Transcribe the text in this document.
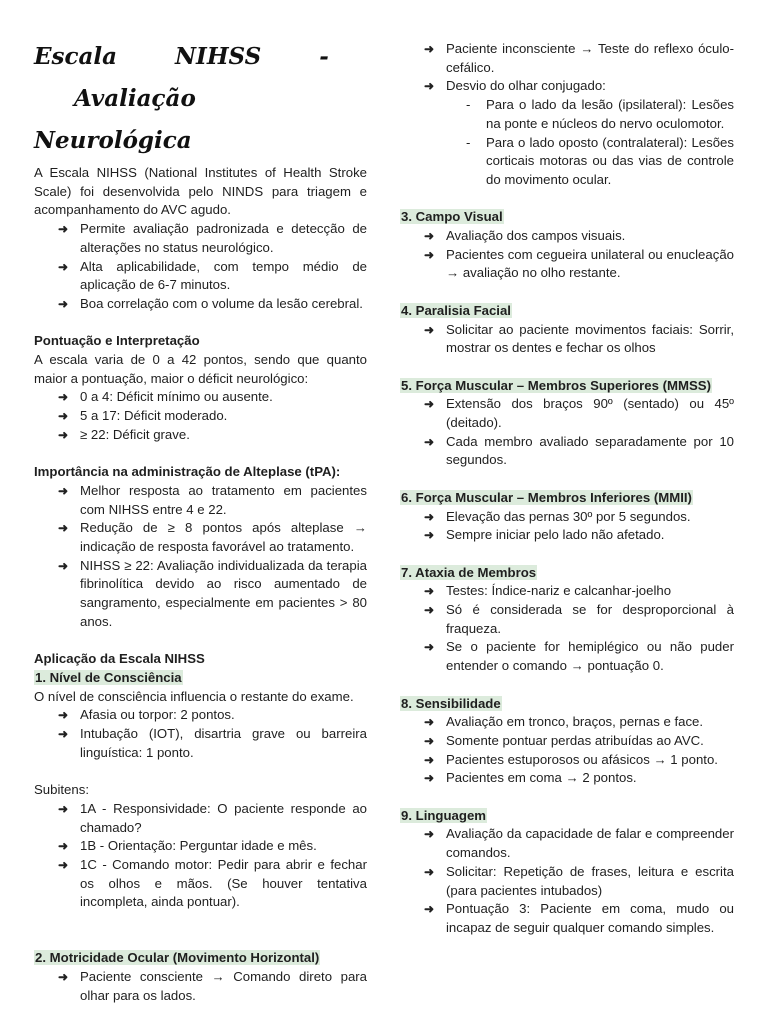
Escala	NIHSS	-Avaliação
Neurológica

A Escala NIHSS (National Institutes of Health Stroke Scale) foi desenvolvida pelo NINDS para triagem e acompanhamento do AVC agudo.

➜ Permite avaliação padronizada e detecção de alterações no status neurológico.
➜ Alta aplicabilidade, com tempo médio de aplicação de 6-7 minutos.
➜ Boa correlação com o volume da lesão cerebral.

Pontuação e Interpretação

A escala varia de 0 a 42 pontos, sendo que quanto maior a pontuação, maior o déficit neurológico:

➜ 0 a 4: Déficit mínimo ou ausente.
➜ 5 a 17: Déficit moderado.
➜ ≥ 22: Déficit grave.

Importância na administração de Alteplase (tPA):

➜ Melhor resposta ao tratamento em pacientes com NIHSS entre 4 e 22.
➜ Redução de ≥ 8 pontos após alteplase → indicação de resposta favorável ao tratamento.
➜ NIHSS ≥ 22: Avaliação individualizada da terapia fibrinolítica devido ao risco aumentado de sangramento, especialmente em pacientes > 80 anos.

Aplicação da Escala NIHSS

1. Nível de Consciência

O nível de consciência influencia o restante do exame.

➜ Afasia ou torpor: 2 pontos.
➜ Intubação (IOT), disartria grave ou barreira linguística: 1 ponto.

Subitens:

➜ 1A - Responsividade: O paciente responde ao chamado?
➜ 1B - Orientação: Perguntar idade e mês.
➜ 1C - Comando motor: Pedir para abrir e fechar os olhos e mãos. (Se houver tentativa incompleta, ainda pontuar).

2. Motricidade Ocular (Movimento Horizontal)

➜ Paciente consciente → Comando direto para olhar para os lados.
➜ Paciente inconsciente → Teste do reflexo óculo-cefálico.
➜ Desvio do olhar conjugado:
- Para o lado da lesão (ipsilateral): Lesões na ponte e núcleos do nervo oculomotor.
- Para o lado oposto (contralateral): Lesões corticais motoras ou das vias de controle do movimento ocular.

3. Campo Visual

➜ Avaliação dos campos visuais.
➜ Pacientes com cegueira unilateral ou enucleação → avaliação no olho restante.

4. Paralisia Facial

➜ Solicitar ao paciente movimentos faciais: Sorrir, mostrar os dentes e fechar os olhos

5. Força Muscular – Membros Superiores (MMSS)

➜ Extensão dos braços 90º (sentado) ou 45º (deitado).
➜ Cada membro avaliado separadamente por 10 segundos.

6. Força Muscular – Membros Inferiores (MMII)

➜ Elevação das pernas 30º por 5 segundos.
➜ Sempre iniciar pelo lado não afetado.

7. Ataxia de Membros

➜ Testes: Índice-nariz e calcanhar-joelho
➜ Só é considerada se for desproporcional à fraqueza.
➜ Se o paciente for hemiplégico ou não puder entender o comando → pontuação 0.

8. Sensibilidade

➜ Avaliação em tronco, braços, pernas e face.
➜ Somente pontuar perdas atribuídas ao AVC.
➜ Pacientes estuporosos ou afásicos → 1 ponto.
➜ Pacientes em coma → 2 pontos.

9. Linguagem

➜ Avaliação da capacidade de falar e compreender comandos.
➜ Solicitar: Repetição de frases, leitura e escrita (para pacientes intubados)
➜ Pontuação 3: Paciente em coma, mudo ou incapaz de seguir qualquer comando simples.
